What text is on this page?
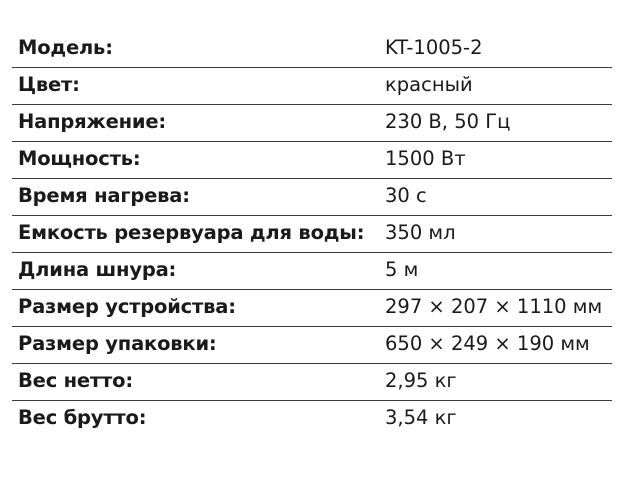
Модель:	KT-1005-2
Цвет:	красный
Напряжение:	230 В, 50 Гц
Мощность:	1500 Вт
Время нагрева:	30 с
Емкость резервуара для воды: 350 мл
Длина шнура:	5 м
Размер устройства:	297 × 207 × 1110 мм
Размер упаковки:	650 × 249 × 190 мм
Вес нетто:	2,95 кг
Вес брутто:	3,54 кг
